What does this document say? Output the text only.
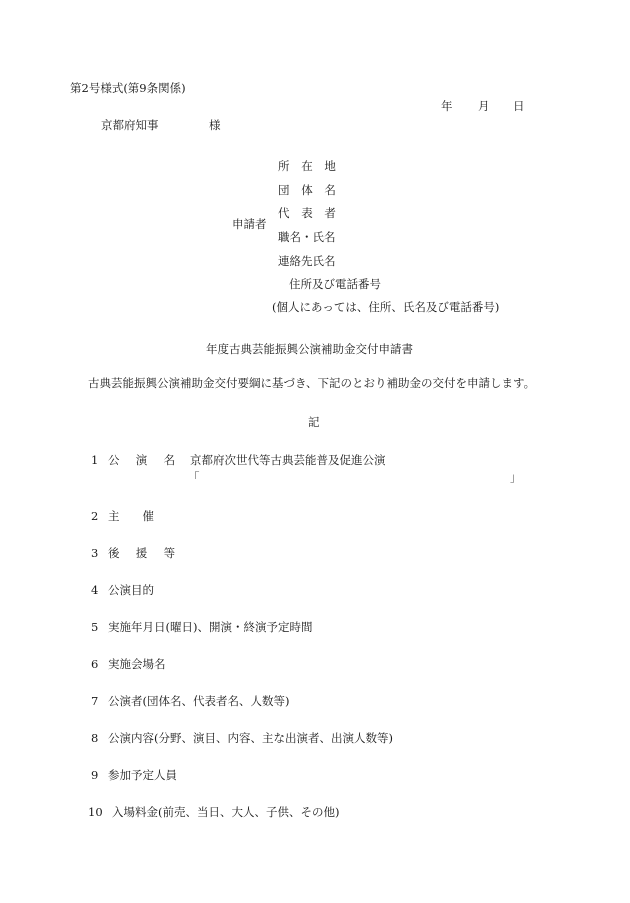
第2号様式(第9条関係)
年 月 日
京都府知事	様
申請者
所 在 地
団 体 名
代 表 者
職名・氏名
連絡先氏名
住所及び電話番号
(個人にあっては、住所、氏名及び電話番号)
年度古典芸能振興公演補助金交付申請書
古典芸能振興公演補助金交付要綱に基づき、下記のとおり補助金の交付を申請します。
記
1 公 演 名 京都府次世代等古典芸能普及促進公演
「	」
2 主　　催
3 後 援 等
4 公演目的
5 実施年月日(曜日)、開演・終演予定時間
6 実施会場名
7 公演者(団体名、代表者名、人数等)
8 公演内容(分野、演目、内容、主な出演者、出演人数等)
9 参加予定人員
10 入場料金(前売、当日、大人、子供、その他)
